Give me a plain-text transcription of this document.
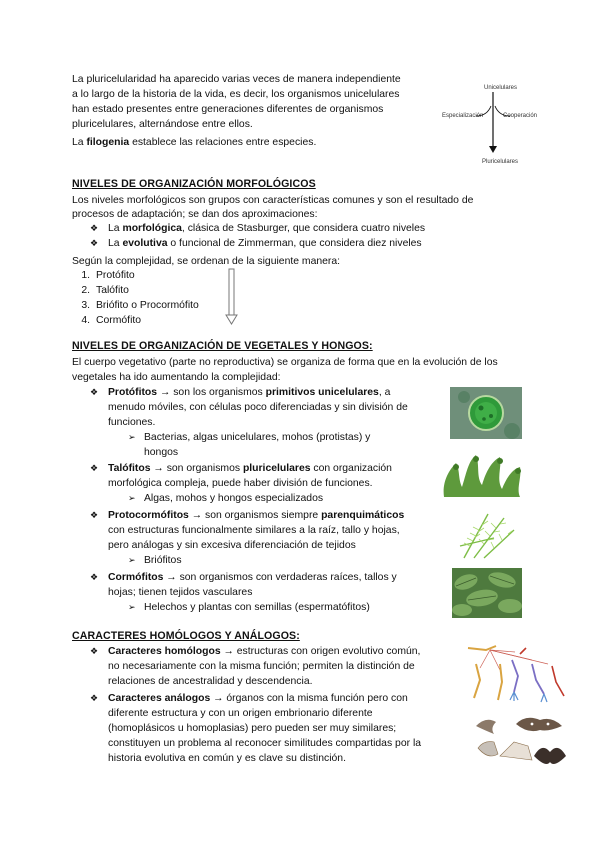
La pluricelularidad ha aparecido varias veces de manera independiente

a lo largo de la historia de la vida, es decir, los organismos unicelulares

han estado presentes entre generaciones diferentes de organismos

pluricelulares, alternándose entre ellos.

La filogenia establece las relaciones entre especies.

Unicelulares
Especialización	Cooperación
Pluricelulares

NIVELES DE ORGANIZACIÓN MORFOLÓGICOS

Los niveles morfológicos son grupos con características comunes y son el resultado de

procesos de adaptación; se dan dos aproximaciones:

❖ La morfológica, clásica de Stasburger, que considera cuatro niveles
❖ La evolutiva o funcional de Zimmerman, que considera diez niveles

Según la complejidad, se ordenan de la siguiente manera:

1. Protófito
2. Talófito
3. Briófito o Procormófito
4. Cormófito

NIVELES DE ORGANIZACIÓN DE VEGETALES Y HONGOS:

El cuerpo vegetativo (parte no reproductiva) se organiza de forma que en la evolución de los

vegetales ha ido aumentando la complejidad:

❖ Protófitos → son los organismos primitivos unicelulares, a
menudo móviles, con células poco diferenciadas y sin división de
funciones.
➢ Bacterias, algas unicelulares, mohos (protistas) y
hongos
❖ Talófitos → son organismos pluricelulares con organización
morfológica compleja, puede haber división de funciones.
➢ Algas, mohos y hongos especializados
❖ Protocormófitos → son organismos siempre parenquimáticos
con estructuras funcionalmente similares a la raíz, tallo y hojas,
pero análogas y sin excesiva diferenciación de tejidos
➢ Briófitos
❖ Cormófitos → son organismos con verdaderas raíces, tallos y
hojas; tienen tejidos vasculares
➢ Helechos y plantas con semillas (espermatófitos)

CARACTERES HOMÓLOGOS Y ANÁLOGOS:

❖ Caracteres homólogos → estructuras con origen evolutivo común,
no necesariamente con la misma función; permiten la distinción de
relaciones de ancestralidad y descendencia.
❖ Caracteres análogos → órganos con la misma función pero con
diferente estructura y con un origen embrionario diferente
(homoplásicos u homoplasias) pero pueden ser muy similares;
constituyen un problema al reconocer similitudes compartidas por la
historia evolutiva en común y es clave su distinción.
